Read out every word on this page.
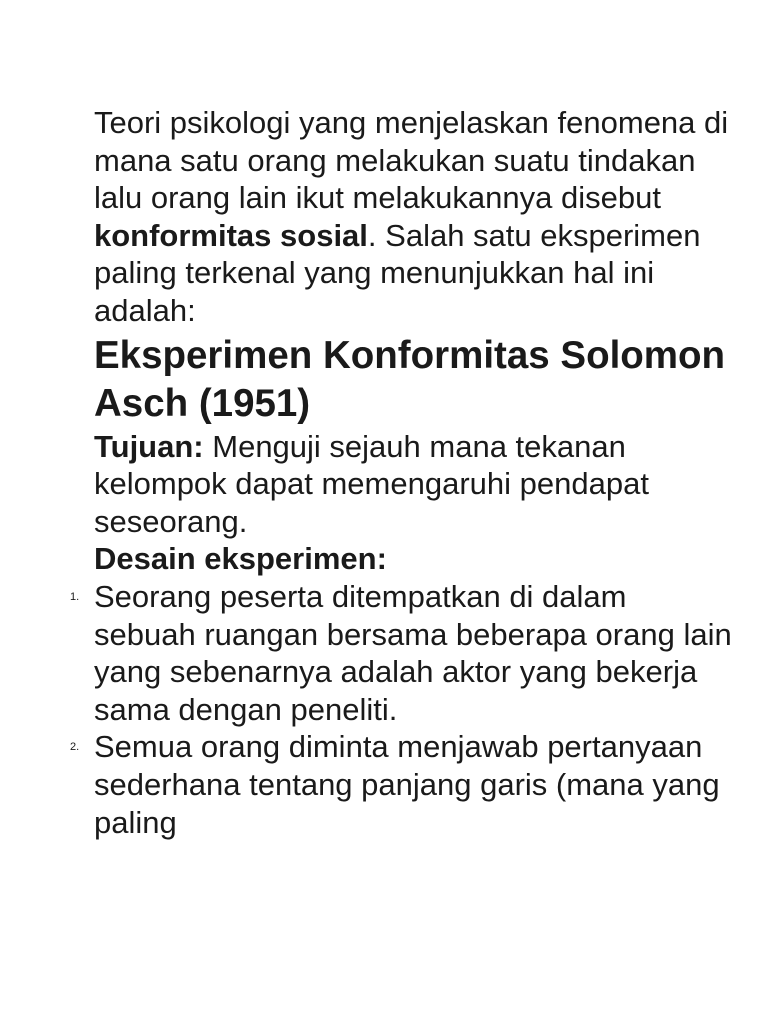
Teori psikologi yang menjelaskan fenomena di mana satu orang melakukan suatu tindakan lalu orang lain ikut melakukannya disebut konformitas sosial. Salah satu eksperimen paling terkenal yang menunjukkan hal ini adalah:

Eksperimen Konformitas Solomon Asch (1951)

Tujuan: Menguji sejauh mana tekanan kelompok dapat memengaruhi pendapat seseorang.

Desain eksperimen:

1. Seorang peserta ditempatkan di dalam sebuah ruangan bersama beberapa orang lain yang sebenarnya adalah aktor yang bekerja sama dengan peneliti.
2. Semua orang diminta menjawab pertanyaan sederhana tentang panjang garis (mana yang paling
